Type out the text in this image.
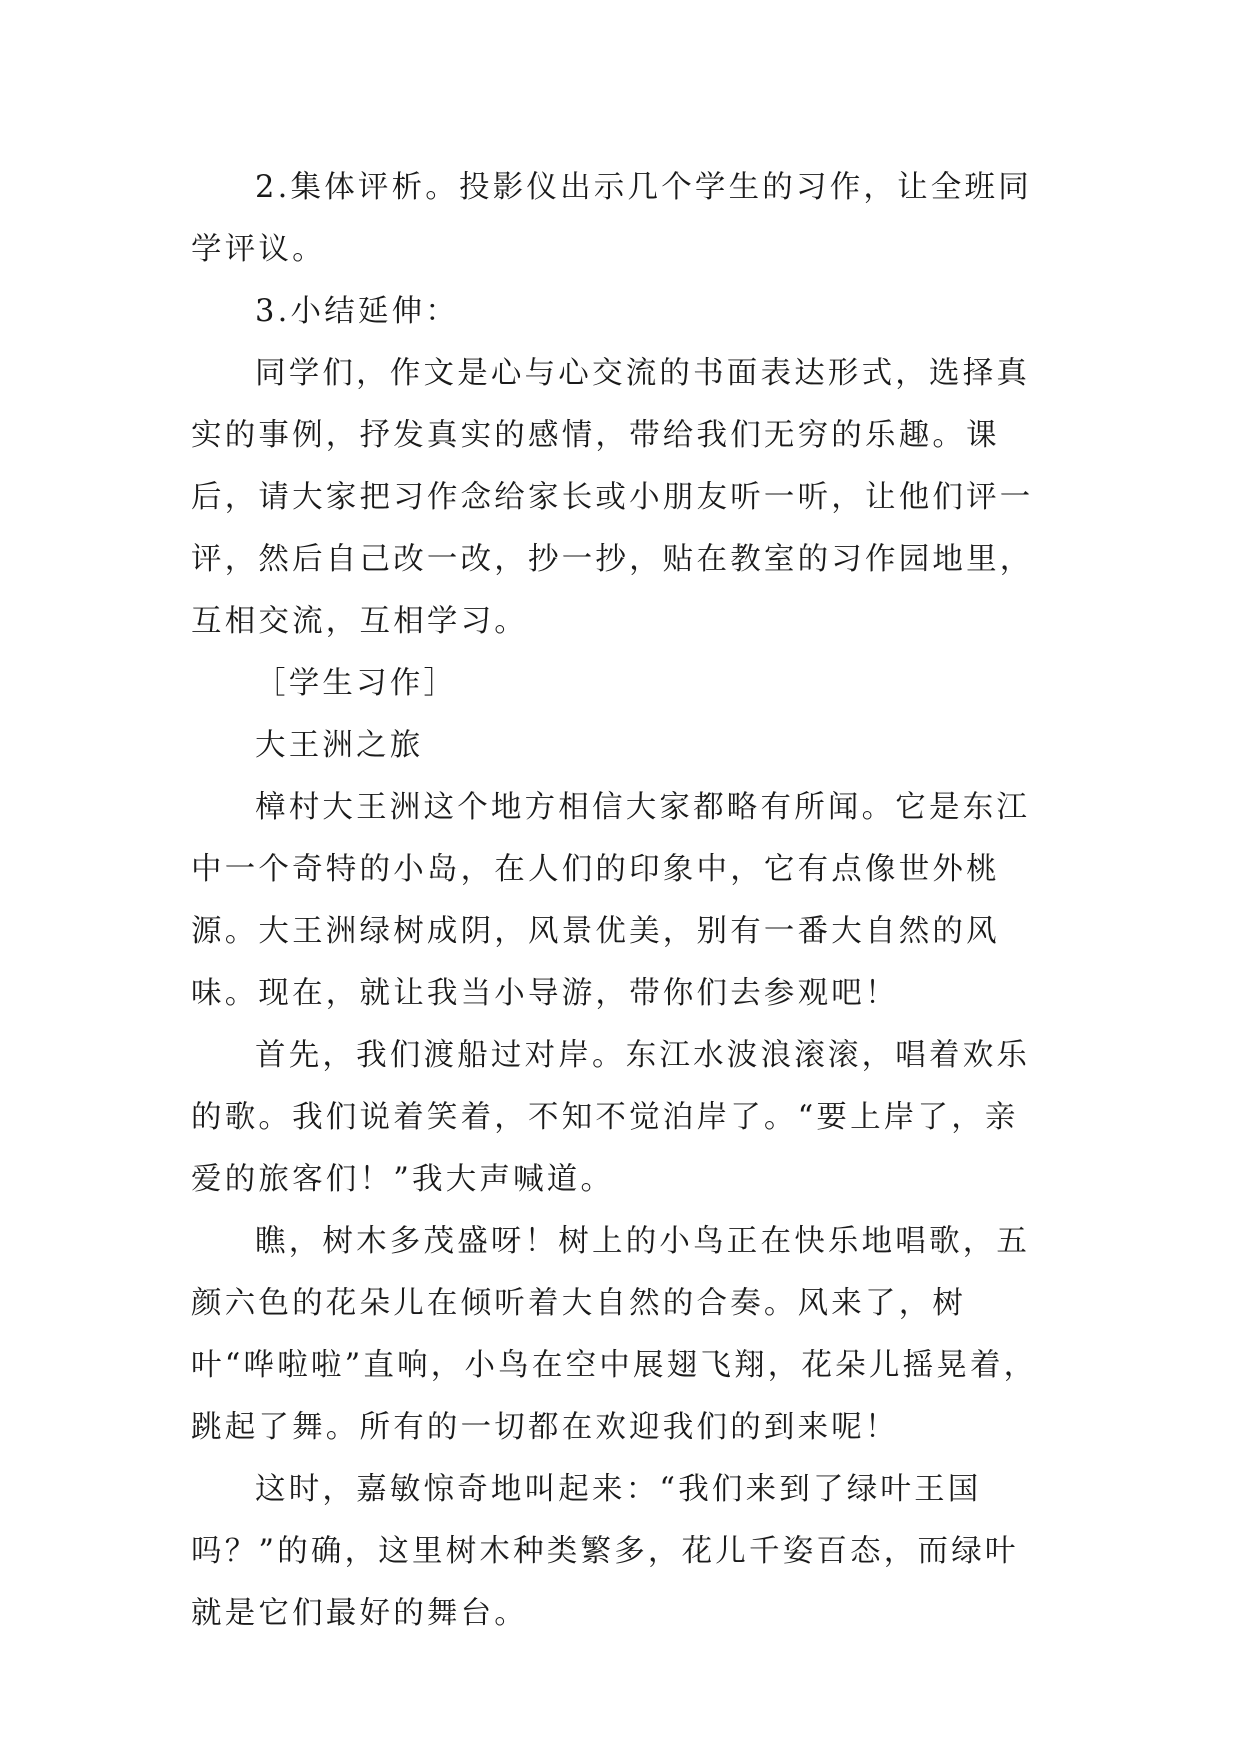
2.集体评析。投影仪出示几个学生的习作，让全班同学评议。

3.小结延伸：

同学们，作文是心与心交流的书面表达形式，选择真实的事例，抒发真实的感情，带给我们无穷的乐趣。课后，请大家把习作念给家长或小朋友听一听，让他们评一评，然后自己改一改，抄一抄，贴在教室的习作园地里，互相交流，互相学习。

［学生习作］

大王洲之旅

樟村大王洲这个地方相信大家都略有所闻。它是东江中一个奇特的小岛，在人们的印象中，它有点像世外桃源。大王洲绿树成阴，风景优美，别有一番大自然的风味。现在，就让我当小导游，带你们去参观吧！

首先，我们渡船过对岸。东江水波浪滚滚，唱着欢乐的歌。我们说着笑着，不知不觉泊岸了。“要上岸了，亲爱的旅客们！”我大声喊道。

瞧，树木多茂盛呀！树上的小鸟正在快乐地唱歌，五颜六色的花朵儿在倾听着大自然的合奏。风来了，树叶“哗啦啦”直响，小鸟在空中展翅飞翔，花朵儿摇晃着，跳起了舞。所有的一切都在欢迎我们的到来呢！

这时，嘉敏惊奇地叫起来：“我们来到了绿叶王国吗？”的确，这里树木种类繁多，花儿千姿百态，而绿叶就是它们最好的舞台。
